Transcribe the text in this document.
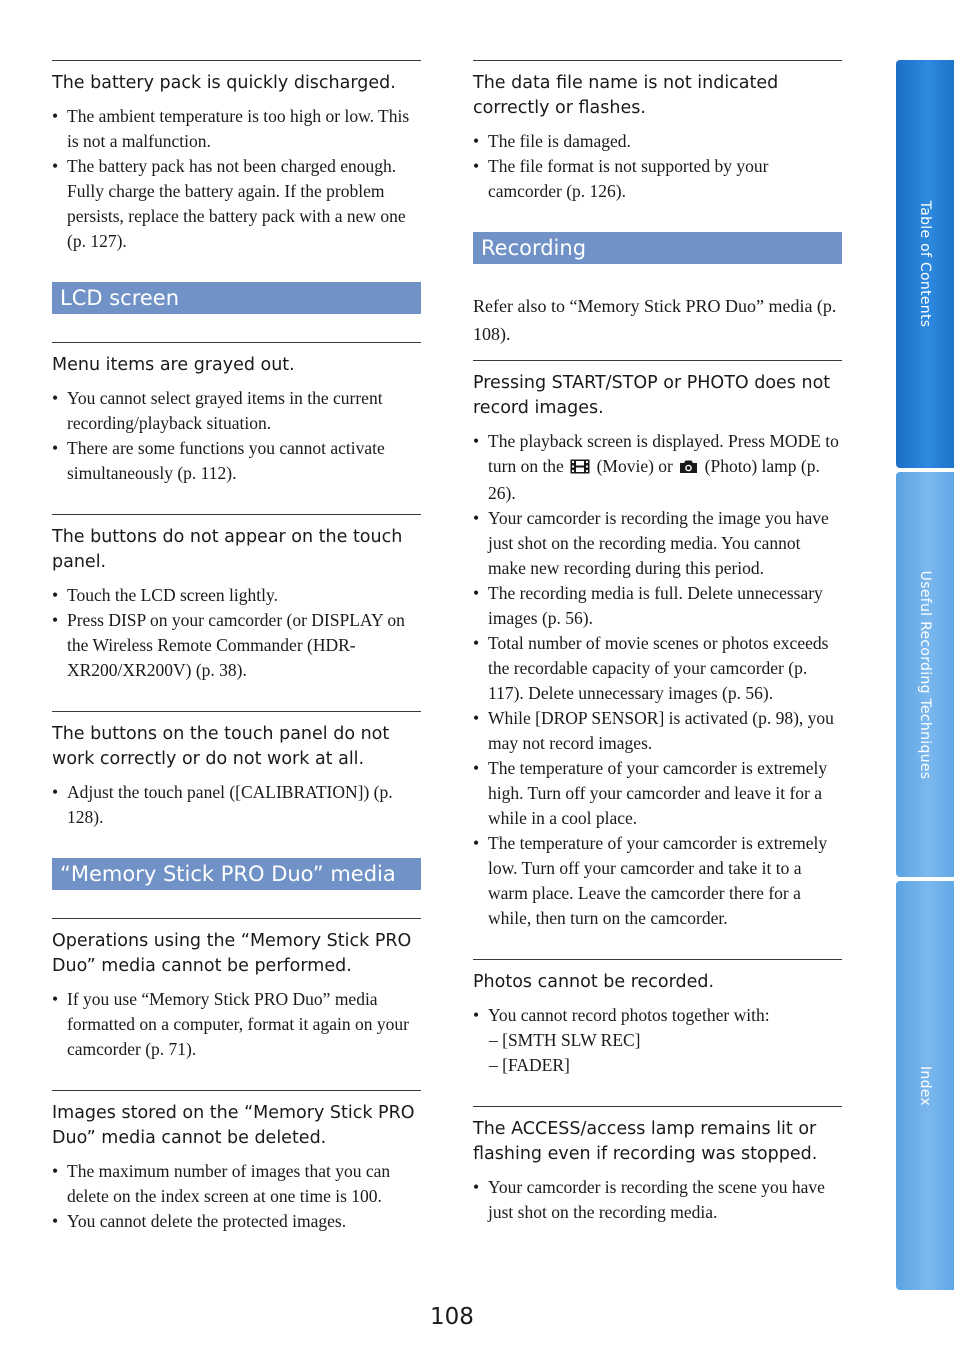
The battery pack is quickly discharged.
• The ambient temperature is too high or low. This is not a malfunction.
• The battery pack has not been charged enough. Fully charge the battery again. If the problem persists, replace the battery pack with a new one (p. 127).
LCD screen
Menu items are grayed out.
• You cannot select grayed items in the current recording/playback situation.
• There are some functions you cannot activate simultaneously (p. 112).
The buttons do not appear on the touch panel.
• Touch the LCD screen lightly.
• Press DISP on your camcorder (or DISPLAY on the Wireless Remote Commander (HDR-XR200/XR200V) (p. 38).
The buttons on the touch panel do not work correctly or do not work at all.
• Adjust the touch panel ([CALIBRATION]) (p. 128).
“Memory Stick PRO Duo” media
Operations using the “Memory Stick PRO Duo” media cannot be performed.
• If you use “Memory Stick PRO Duo” media formatted on a computer, format it again on your camcorder (p. 71).
Images stored on the “Memory Stick PRO Duo” media cannot be deleted.
• The maximum number of images that you can delete on the index screen at one time is 100.
• You cannot delete the protected images.
The data file name is not indicated correctly or flashes.
• The file is damaged.
• The file format is not supported by your camcorder (p. 126).
Recording

Refer also to “Memory Stick PRO Duo” media (p. 108).

Pressing START/STOP or PHOTO does not record images.
• The playback screen is displayed. Press MODE to turn on the (Movie) or (Photo) lamp (p. 26).
• Your camcorder is recording the image you have just shot on the recording media. You cannot make new recording during this period.
• The recording media is full. Delete unnecessary images (p. 56).
• Total number of movie scenes or photos exceeds the recordable capacity of your camcorder (p. 117). Delete unnecessary images (p. 56).
• While [DROP SENSOR] is activated (p. 98), you may not record images.
• The temperature of your camcorder is extremely high. Turn off your camcorder and leave it for a while in a cool place.
• The temperature of your camcorder is extremely low. Turn off your camcorder and take it to a warm place. Leave the camcorder there for a while, then turn on the camcorder.
Photos cannot be recorded.
• You cannot record photos together with:
– [SMTH SLW REC]
– [FADER]
The ACCESS/access lamp remains lit or flashing even if recording was stopped.
• Your camcorder is recording the scene you have just shot on the recording media.
Table of Contents
Useful Recording Techniques
Index
108
